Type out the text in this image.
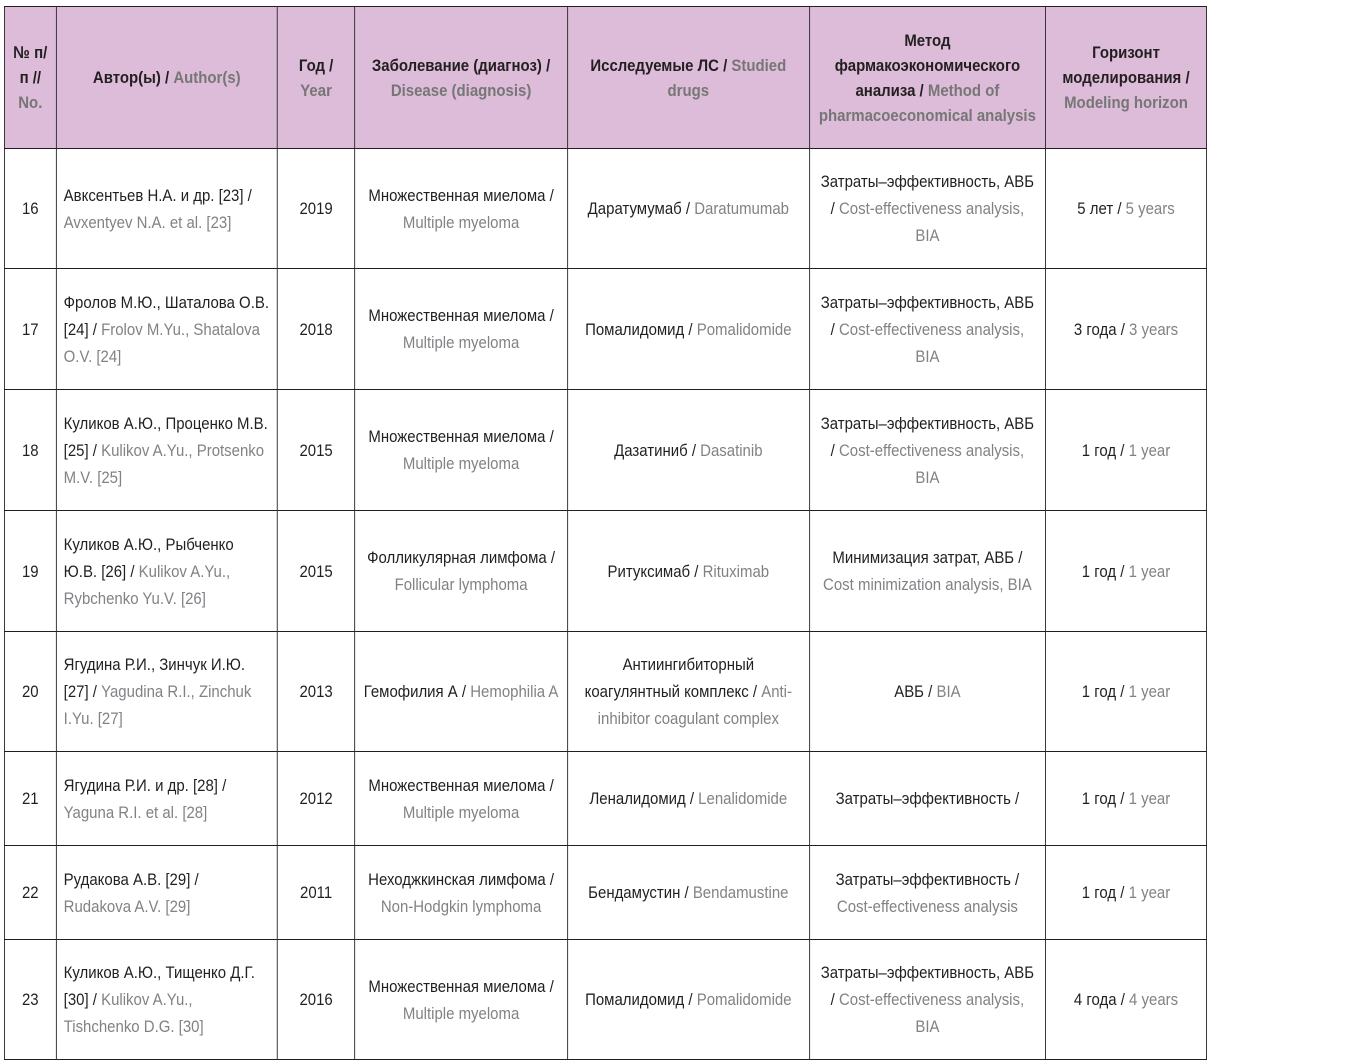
№ п/п // No.	Автор(ы) / Author(s)	Год / Year	Заболевание (диагноз) / Disease (diagnosis)	Исследуемые ЛС / Studied drugs	Метод фармакоэкономического анализа / Method of pharmacoeconomical analysis	Горизонт моделирования / Modeling horizon
16	Авксентьев Н.А. и др. [23] / Avxentyev N.A. et al. [23]	2019	Множественная миелома / Multiple myeloma	Даратумумаб / Daratumumab	Затраты–эффективность, АВБ / Cost-effectiveness analysis, BIA	5 лет / 5 years
17	Фролов М.Ю., Шаталова О.В. [24] / Frolov M.Yu., Shatalova O.V. [24]	2018	Множественная миелома / Multiple myeloma	Помалидомид / Pomalidomide	Затраты–эффективность, АВБ / Cost-effectiveness analysis, BIA	3 года / 3 years
18	Куликов А.Ю., Проценко М.В. [25] / Kulikov A.Yu., Protsenko M.V. [25]	2015	Множественная миелома / Multiple myeloma	Дазатиниб / Dasatinib	Затраты–эффективность, АВБ / Cost-effectiveness analysis, BIA	1 год / 1 year
19	Куликов А.Ю., Рыбченко Ю.В. [26] / Kulikov A.Yu., Rybchenko Yu.V. [26]	2015	Фолликулярная лимфома / Follicular lymphoma	Ритуксимаб / Rituximab	Минимизация затрат, АВБ / Cost minimization analysis, BIA	1 год / 1 year
20	Ягудина Р.И., Зинчук И.Ю. [27] / Yagudina R.I., Zinchuk I.Yu. [27]	2013	Гемофилия А / Hemophilia A	Антиингибиторный коагулянтный комплекс / Anti-inhibitor coagulant complex	АВБ / BIA	1 год / 1 year
21	Ягудина Р.И. и др. [28] / Yaguna R.I. et al. [28]	2012	Множественная миелома / Multiple myeloma	Леналидомид / Lenalidomide	Затраты–эффективность /	1 год / 1 year
22	Рудакова А.В. [29] / Rudakova A.V. [29]	2011	Неходжкинская лимфома / Non-Hodgkin lymphoma	Бендамустин / Bendamustine	Затраты–эффективность / Cost-effectiveness analysis	1 год / 1 year
23	Куликов А.Ю., Тищенко Д.Г. [30] / Kulikov A.Yu., Tishchenko D.G. [30]	2016	Множественная миелома / Multiple myeloma	Помалидомид / Pomalidomide	Затраты–эффективность, АВБ / Cost-effectiveness analysis, BIA	4 года / 4 years
